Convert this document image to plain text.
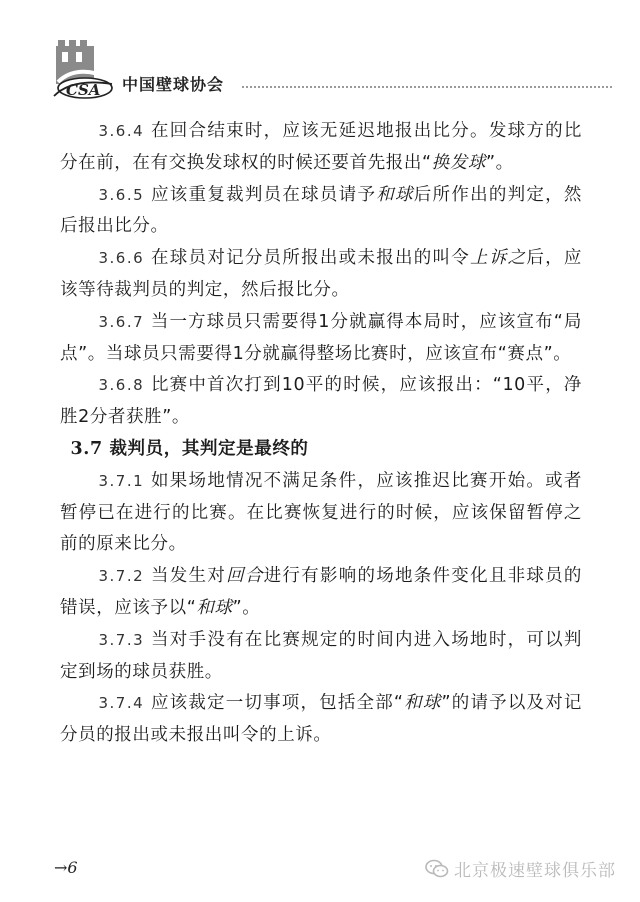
CSA 中国壁球协会

3.6.4 在回合结束时，应该无延迟地报出比分。发球方的比分在前，在有交换发球权的时候还要首先报出“换发球”。

3.6.5 应该重复裁判员在球员请予和球后所作出的判定，然后报出比分。

3.6.6 在球员对记分员所报出或未报出的叫令上诉之后，应该等待裁判员的判定，然后报比分。

3.6.7 当一方球员只需要得1分就赢得本局时，应该宣布“局点”。当球员只需要得1分就赢得整场比赛时，应该宣布“赛点”。

3.6.8 比赛中首次打到10平的时候，应该报出：“10平，净胜2分者获胜”。

3.7 裁判员，其判定是最终的

3.7.1 如果场地情况不满足条件，应该推迟比赛开始。或者暂停已在进行的比赛。在比赛恢复进行的时候，应该保留暂停之前的原来比分。

3.7.2 当发生对回合进行有影响的场地条件变化且非球员的错误，应该予以“和球”。

3.7.3 当对手没有在比赛规定的时间内进入场地时，可以判定到场的球员获胜。

3.7.4 应该裁定一切事项，包括全部“和球”的请予以及对记分员的报出或未报出叫令的上诉。

→6	北京极速壁球俱乐部
